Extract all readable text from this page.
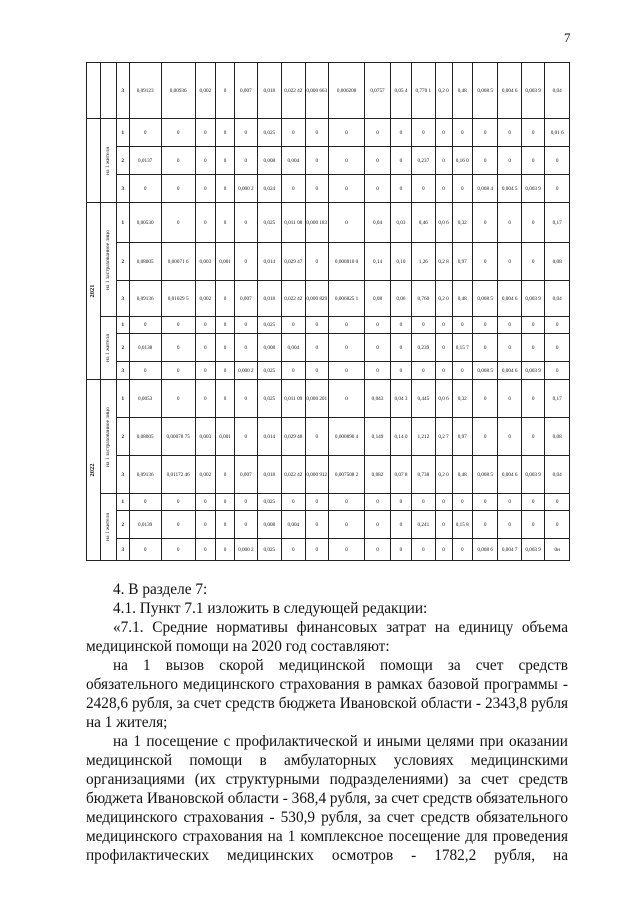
7
		3	0,09123	0,00936	0,002	0	0,007	0,018	0,022 42	0,000 663	0,006208	0,0757	0,05 4	0,770 1	0,2 0	0,48	0,008 5	0,004 6	0,003 9	0,04

	на 1 жителя	1	0	0	0	0	0	0,025	0	0	0	0	0	0	0	0	0	0	0	0,01 6
		2	0,0137	0	0	0	0	0,008	0,004	0	0	0	0	0,237	0	0,16 0	0	0	0	0
		3	0	0	0	0	0,000 2	0,024	0	0	0	0	0	0	0	0	0,008 4	0,004 5	0,003 9	0

2021	на 1 застрахованное лицо	1	0,00530	0	0	0	0	0,025	0,011 08	0,000 183	0	0,04	0,03	0,46	0,0 6	0,32	0	0	0	0,17
		2	0,08005	0,00071 6	0,003	0,001	0	0,014	0,029 47	0	0,000810 0	0,14	0,10	1,26	0,2 8	0,97	0	0	0	0,08
		3	0,09136	0,01029 5	0,002	0	0,007	0,018	0,022 42	0,000 829	0,006825 1	0,08	0,06	0,760	0,2 0	0,48	0,008 5	0,004 6	0,003 9	0,04

	на 1 жителя	1	0	0	0	0	0	0,025	0	0	0	0	0	0	0	0	0	0	0	0
		2	0,0138	0	0	0	0	0,008	0,004	0	0	0	0	0,239	0	0,15 7	0	0	0	0
		3	0	0	0	0	0,000 2	0,025	0	0	0	0	0	0	0	0	0,008 5	0,004 6	0,003 9	0

2022	на 1 застрахованное лицо	1	0,0053	0	0	0	0	0,025	0,011 09	0,000 201	0	0,043	0,04 3	0,445	0,0 6	0,32	0	0	0	0,17
		2	0,08005	0,00078 75	0,003	0,001	0	0,014	0,029 48	0	0,000890 4	0,149	0,14 0	1,212	0,2 7	0,97	0	0	0	0,08
		3	0,09136	0,01172 46	0,002	0	0,007	0,018	0,022 42	0,000 912	0,007508 2	0,082	0,07 8	0,738	0,2 0	0,48	0,008 5	0,004 6	0,003 9	0,04

	на 1 жителя	1	0	0	0	0	0	0,025	0	0	0	0	0	0	0	0	0	0	0	0
		2	0,0139	0	0	0	0	0,008	0,004	0	0	0	0	0,241	0	0,15 8	0	0	0	0
		3	0	0	0	0	0,000 2	0,025	0	0	0	0	0	0	0	0	0,008 6	0,004 7	0,003 9	0н

4. В разделе 7:

4.1. Пункт 7.1 изложить в следующей редакции:

«7.1. Средние нормативы финансовых затрат на единицу объема медицинской помощи на 2020 год составляют:

на 1 вызов скорой медицинской помощи за счет средств обязательного медицинского страхования в рамках базовой программы - 2428,6 рубля, за счет средств бюджета Ивановской области - 2343,8 рубля на 1 жителя;

на 1 посещение с профилактической и иными целями при оказании медицинской помощи в амбулаторных условиях медицинскими организациями (их структурными подразделениями) за счет средств бюджета Ивановской области - 368,4 рубля, за счет средств обязательного медицинского страхования - 530,9 рубля, за счет средств обязательного медицинского страхования на 1 комплексное посещение для проведения профилактических медицинских осмотров - 1782,2 рубля, на
